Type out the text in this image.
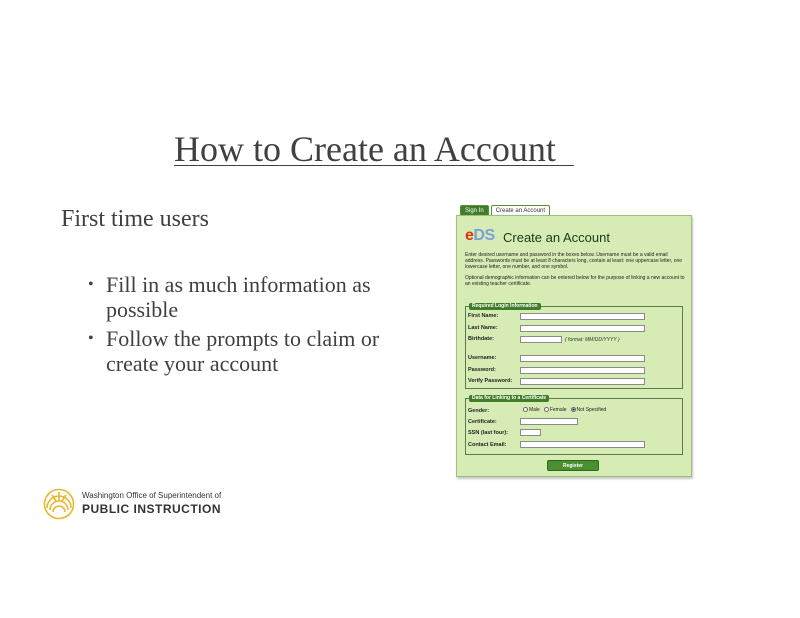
How to Create an Account
First time users
• Fill in as much information as possible
• Follow the prompts to claim or create your account
Sign In	Create an Account
eDS Create an Account

Enter desired username and password in the boxes below. Username must be a valid email address. Passwords must be at least 8 characters long, contain at least: one uppercase letter, one lowercase letter, one number, and one symbol.

Optional demographic information can be entered below for the purpose of linking a new account to an existing teacher certificate.

Required Login Information
First Name:
Last Name:
Birthdate:	( format: MM/DD/YYYY )
Username:
Password:
Verify Password:
Data for Linking to a Certificate
Gender:	Male	Female	Not Specified
Certificate:
SSN (last four):
Contact Email:
Register
Washington Office of Superintendent of
PUBLIC INSTRUCTION
